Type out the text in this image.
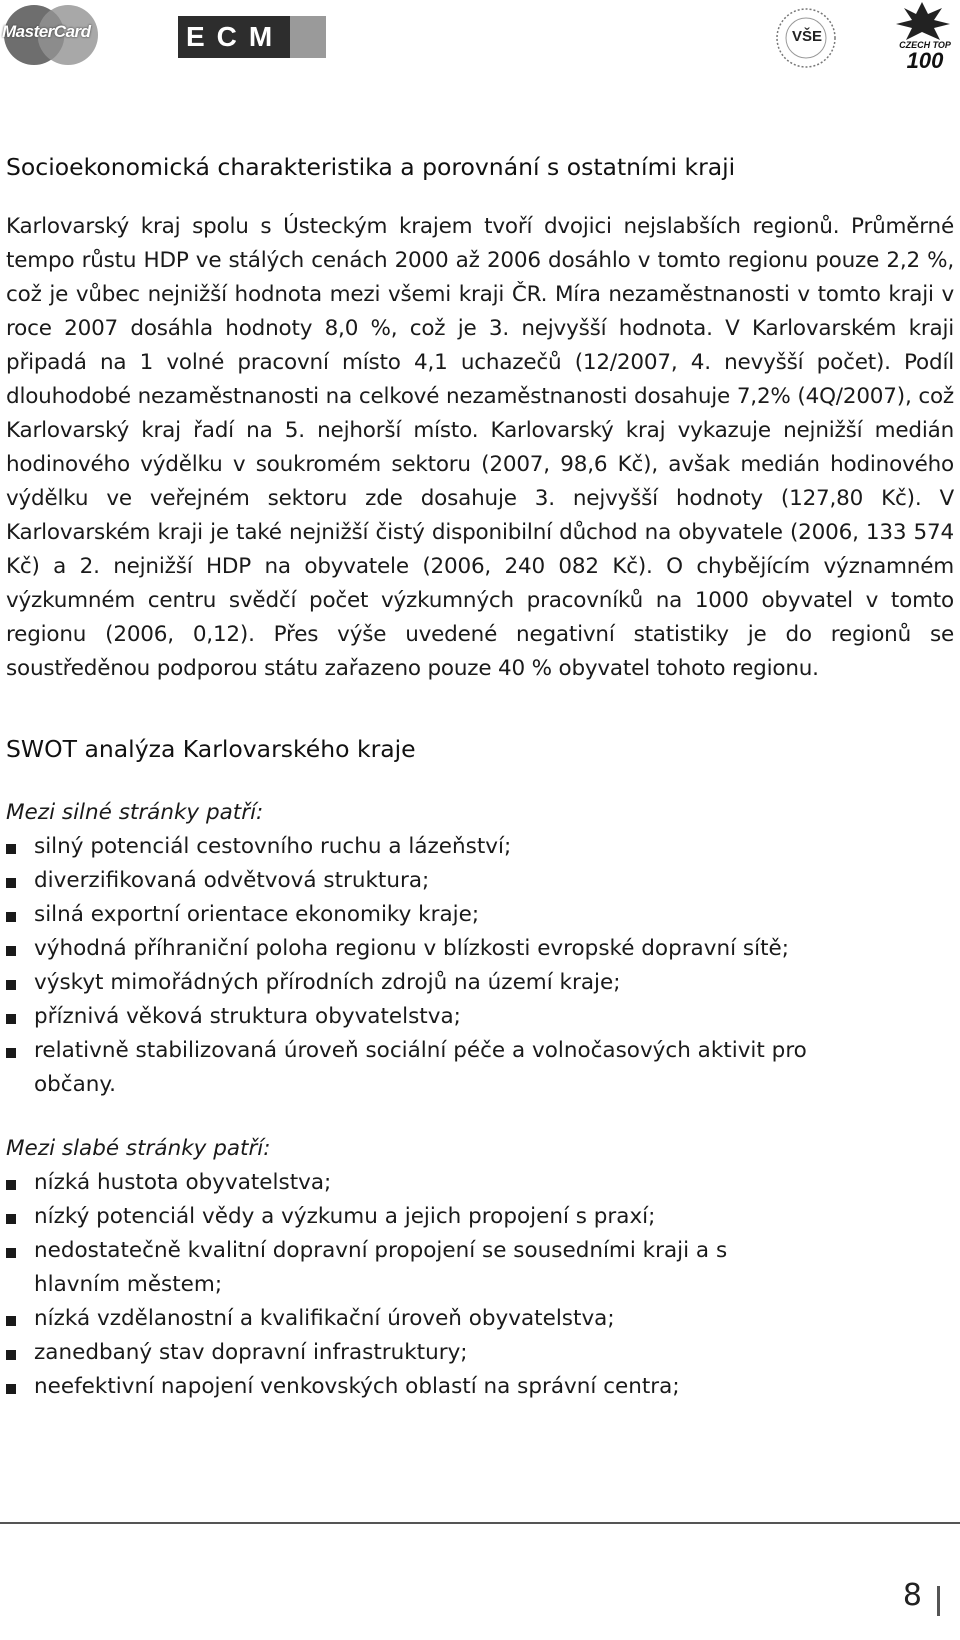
MasterCard	ECM	VŠE	CZECH TOP
100
Socioekonomická charakteristika a porovnání s ostatními kraji

Karlovarský kraj spolu s Ústeckým krajem tvoří dvojici nejslabších regionů. Průměrné tempo růstu HDP ve stálých cenách 2000 až 2006 dosáhlo v tomto regionu pouze 2,2 %, což je vůbec nejnižší hodnota mezi všemi kraji ČR. Míra nezaměstnanosti v tomto kraji v roce 2007 dosáhla hodnoty 8,0 %, což je 3. nejvyšší hodnota. V Karlovarském kraji připadá na 1 volné pracovní místo 4,1 uchazečů (12/2007, 4. nevyšší počet). Podíl dlouhodobé nezaměstnanosti na celkové nezaměstnanosti dosahuje 7,2% (4Q/2007), což Karlovarský kraj řadí na 5. nejhorší místo. Karlovarský kraj vykazuje nejnižší medián hodinového výdělku v soukromém sektoru (2007, 98,6 Kč), avšak medián hodinového výdělku ve veřejném sektoru zde dosahuje 3. nejvyšší hodnoty (127,80 Kč). V Karlovarském kraji je také nejnižší čistý disponibilní důchod na obyvatele (2006, 133 574 Kč) a 2. nejnižší HDP na obyvatele (2006, 240 082 Kč). O chybějícím významném výzkumném centru svědčí počet výzkumných pracovníků na 1000 obyvatel v tomto regionu (2006, 0,12). Přes výše uvedené negativní statistiky je do regionů se soustředěnou podporou státu zařazeno pouze 40 % obyvatel tohoto regionu.

SWOT analýza Karlovarského kraje

Mezi silné stránky patří:

silný potenciál cestovního ruchu a lázeňství;
diverzifikovaná odvětvová struktura;
silná exportní orientace ekonomiky kraje;
výhodná příhraniční poloha regionu v blízkosti evropské dopravní sítě;
výskyt mimořádných přírodních zdrojů na území kraje;
příznivá věková struktura obyvatelstva;
relativně stabilizovaná úroveň sociální péče a volnočasových aktivit pro občany.

Mezi slabé stránky patří:

nízká hustota obyvatelstva;
nízký potenciál vědy a výzkumu a jejich propojení s praxí;
nedostatečně kvalitní dopravní propojení se sousedními kraji a s hlavním městem;
nízká vzdělanostní a kvalifikační úroveň obyvatelstva;
zanedbaný stav dopravní infrastruktury;
neefektivní napojení venkovských oblastí na správní centra;
8
